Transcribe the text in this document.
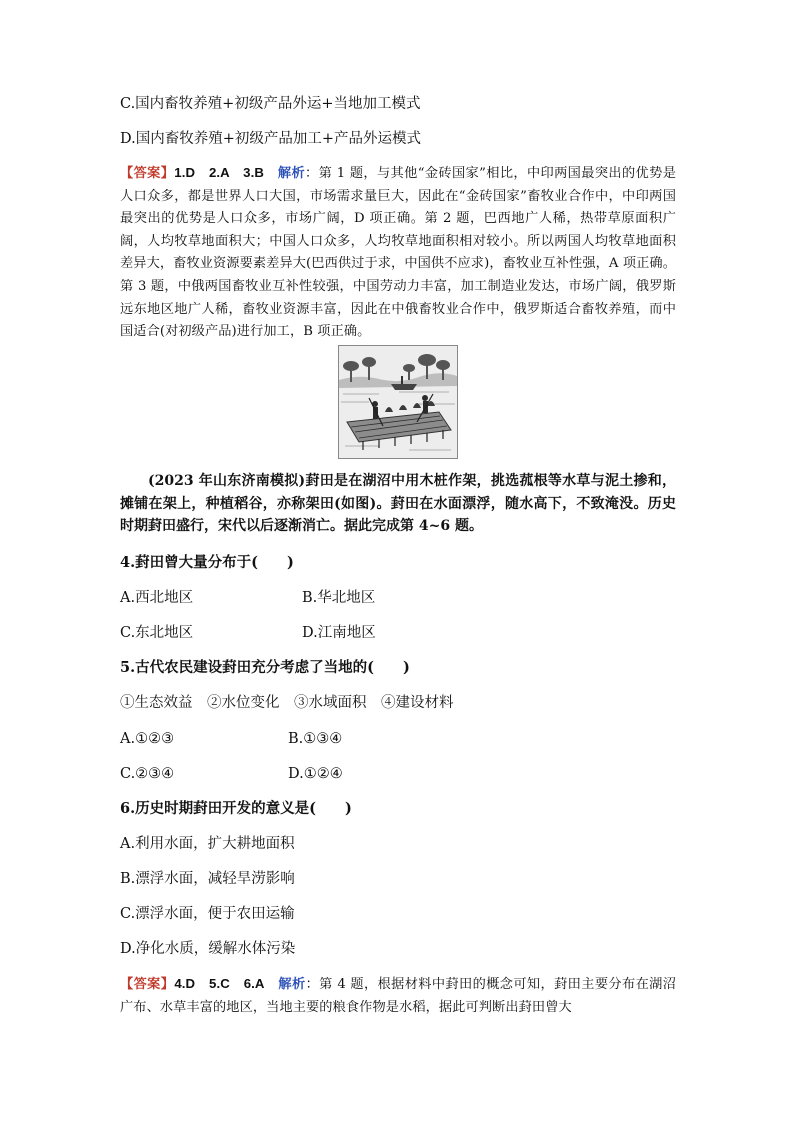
C.国内畜牧养殖+初级产品外运+当地加工模式
D.国内畜牧养殖+初级产品加工+产品外运模式
【答案】1.D　2.A　3.B　 解析：第 1 题，与其他“金砖国家”相比，中印两国最突出的优势是人口众多，都是世界人口大国，市场需求量巨大，因此在“金砖国家”畜牧业合作中，中印两国最突出的优势是人口众多，市场广阔，D 项正确。第 2 题，巴西地广人稀，热带草原面积广阔，人均牧草地面积大；中国人口众多，人均牧草地面积相对较小。所以两国人均牧草地面积差异大，畜牧业资源要素差异大(巴西供过于求，中国供不应求)，畜牧业互补性强，A 项正确。第 3 题，中俄两国畜牧业互补性较强，中国劳动力丰富，加工制造业发达，市场广阔，俄罗斯远东地区地广人稀，畜牧业资源丰富，因此在中俄畜牧业合作中，俄罗斯适合畜牧养殖，而中国适合(对初级产品)进行加工，B 项正确。
(2023 年山东济南模拟)葑田是在湖沼中用木桩作架，挑选菰根等水草与泥土掺和，摊铺在架上，种植稻谷，亦称架田(如图)。葑田在水面漂浮，随水高下，不致淹没。历史时期葑田盛行，宋代以后逐渐消亡。据此完成第 4~6 题。
4.葑田曾大量分布于(　　)
A.西北地区	B.华北地区
C.东北地区	D.江南地区
5.古代农民建设葑田充分考虑了当地的(　　)
①生态效益　②水位变化　③水域面积　④建设材料
A.①②③	B.①③④
C.②③④	D.①②④
6.历史时期葑田开发的意义是(　　)
A.利用水面，扩大耕地面积
B.漂浮水面，减轻旱涝影响
C.漂浮水面，便于农田运输
D.净化水质，缓解水体污染
【答案】4.D　5.C　6.A　 解析：第 4 题，根据材料中葑田的概念可知，葑田主要分布在湖沼广布、水草丰富的地区，当地主要的粮食作物是水稻，据此可判断出葑田曾大
